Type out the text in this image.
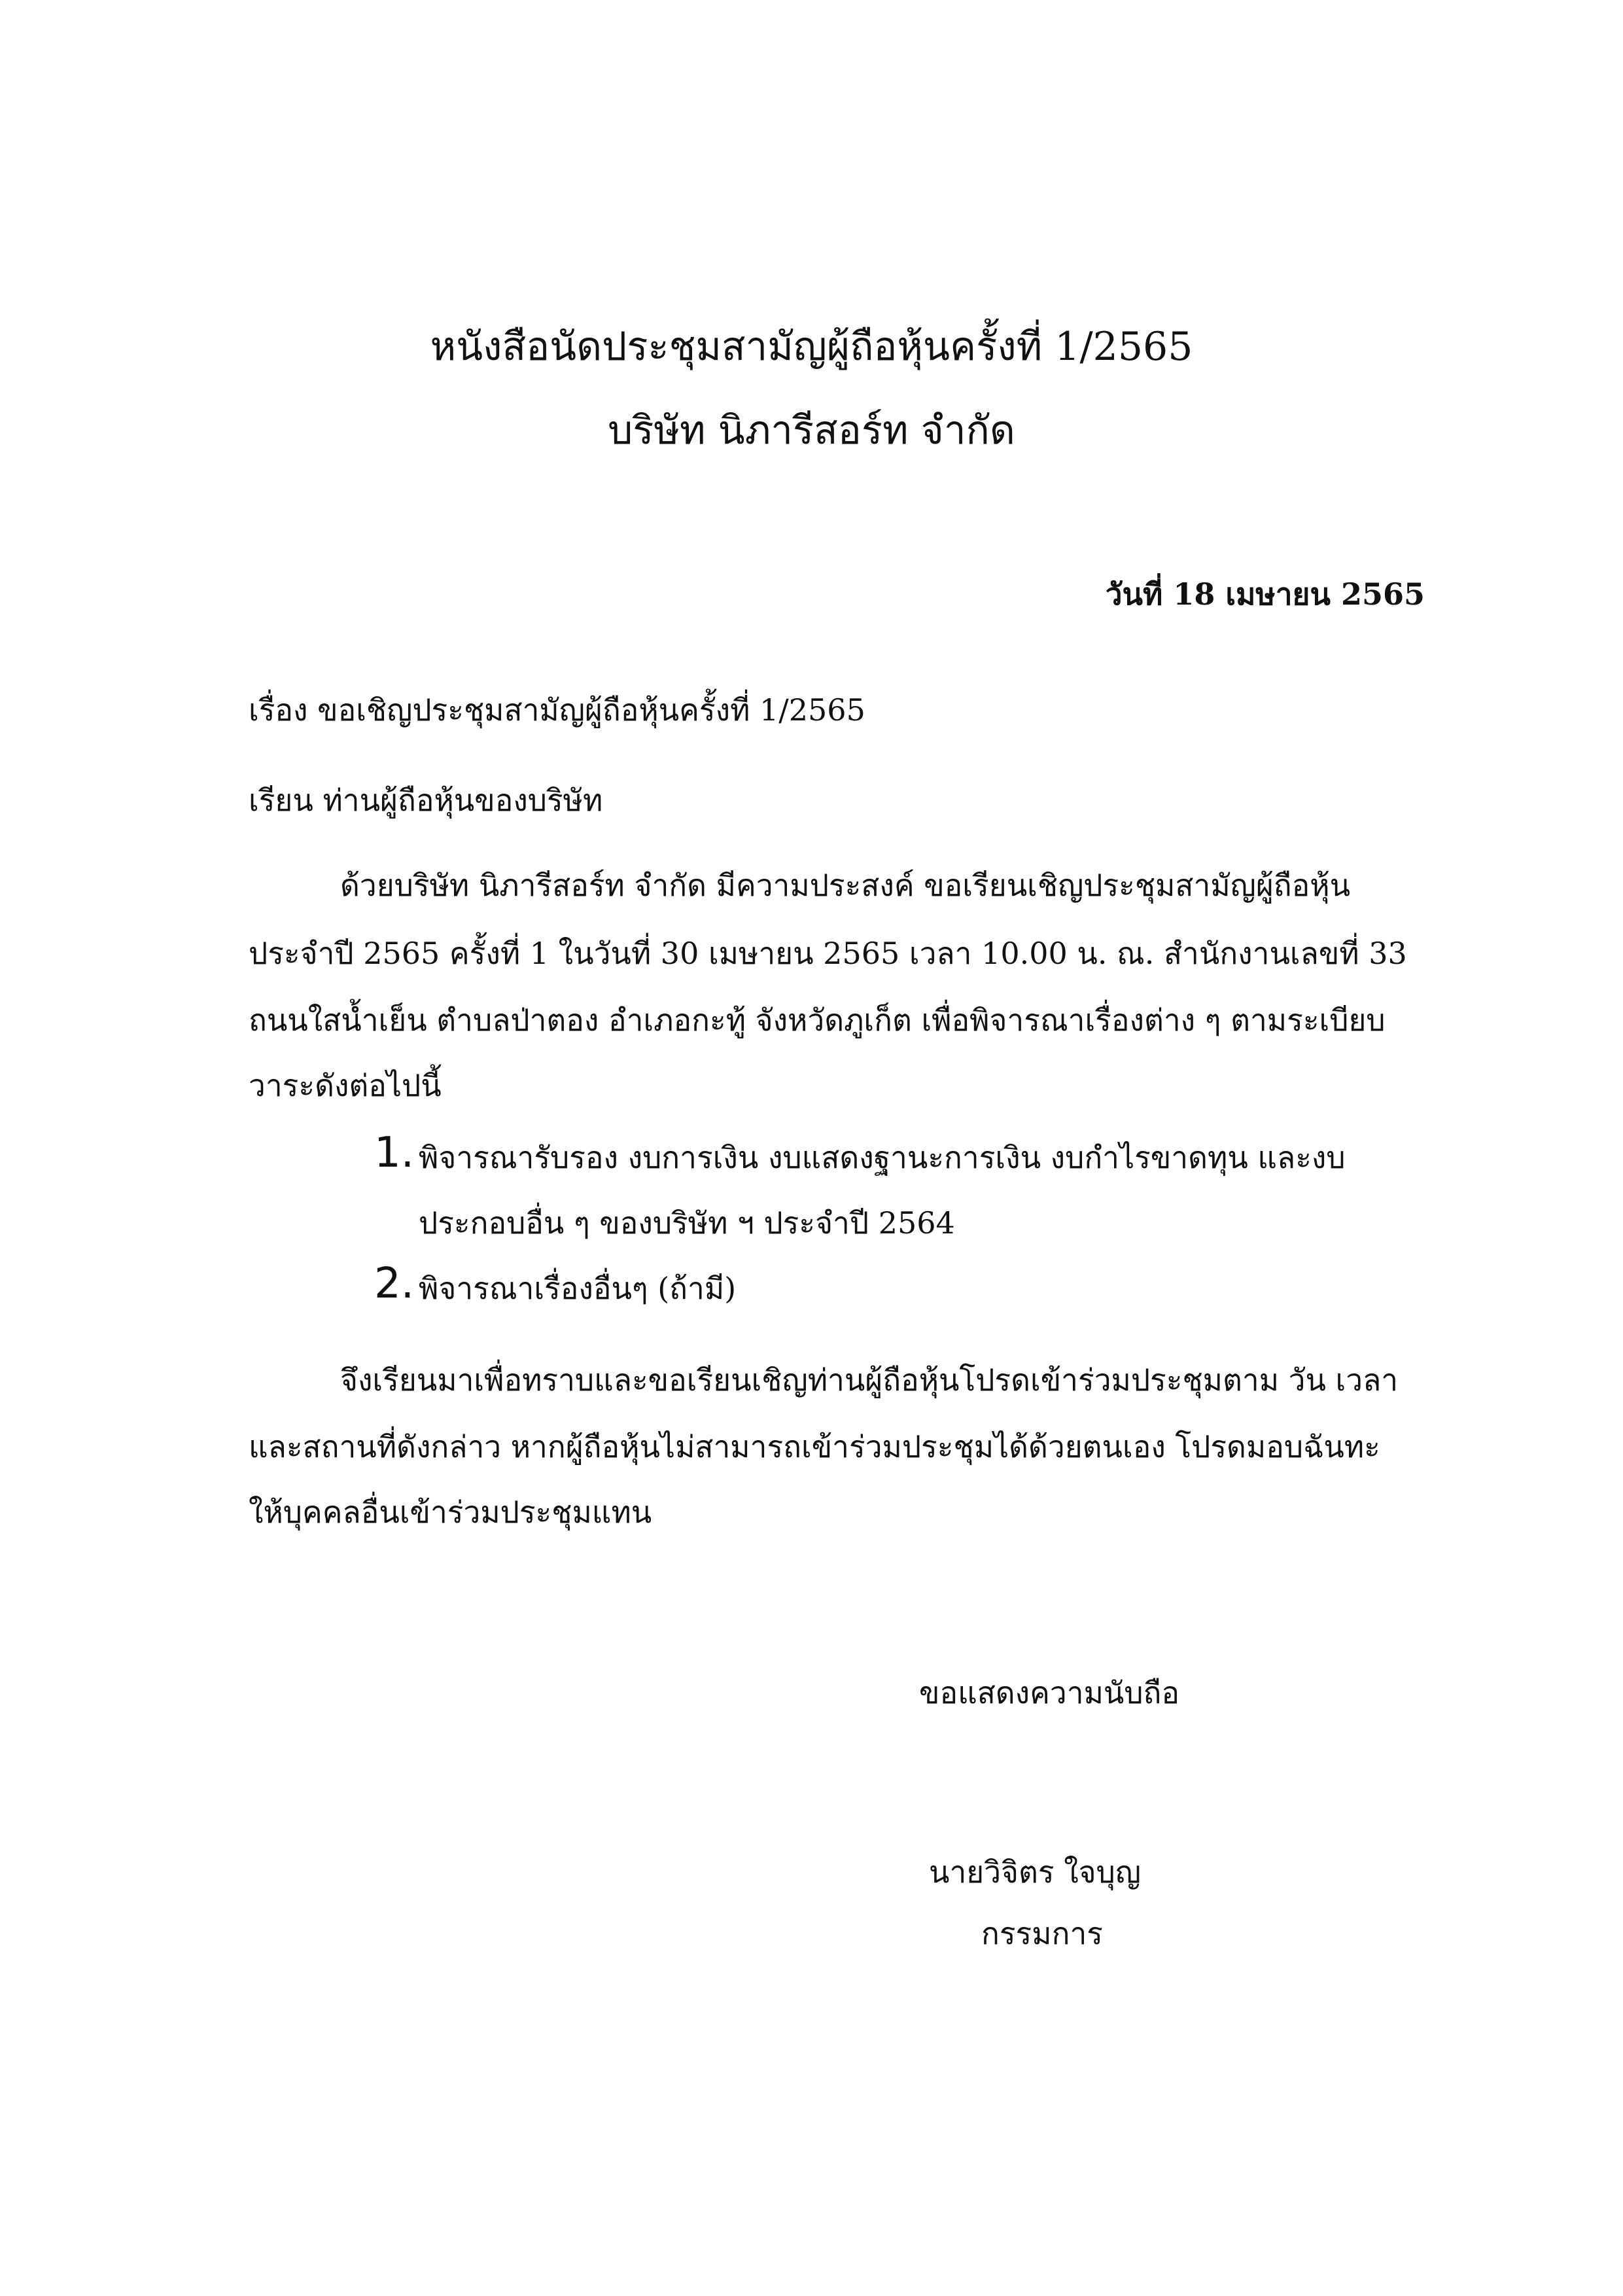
หนังสือนัดประชุมสามัญผู้ถือหุ้นครั้งที่ 1/2565
บริษัท นิภารีสอร์ท จำกัด
วันที่ 18 เมษายน 2565
เรื่อง ขอเชิญประชุมสามัญผู้ถือหุ้นครั้งที่ 1/2565
เรียน ท่านผู้ถือหุ้นของบริษัท
ด้วยบริษัท นิภารีสอร์ท จำกัด มีความประสงค์ ขอเรียนเชิญประชุมสามัญผู้ถือหุ้น
ประจำปี 2565 ครั้งที่ 1 ในวันที่ 30 เมษายน 2565 เวลา 10.00 น. ณ. สำนักงานเลขที่ 33
ถนนใสน้ำเย็น ตำบลป่าตอง อำเภอกะทู้ จังหวัดภูเก็ต เพื่อพิจารณาเรื่องต่าง ๆ ตามระเบียบ
วาระดังต่อไปนี้
1. พิจารณารับรอง งบการเงิน งบแสดงฐานะการเงิน งบกำไรขาดทุน และงบ
ประกอบอื่น ๆ ของบริษัท ฯ ประจำปี 2564
2. พิจารณาเรื่องอื่นๆ (ถ้ามี)
จึงเรียนมาเพื่อทราบและขอเรียนเชิญท่านผู้ถือหุ้นโปรดเข้าร่วมประชุมตาม วัน เวลา
และสถานที่ดังกล่าว หากผู้ถือหุ้นไม่สามารถเข้าร่วมประชุมได้ด้วยตนเอง โปรดมอบฉันทะ
ให้บุคคลอื่นเข้าร่วมประชุมแทน
ขอแสดงความนับถือ
นายวิจิตร ใจบุญ
กรรมการ
